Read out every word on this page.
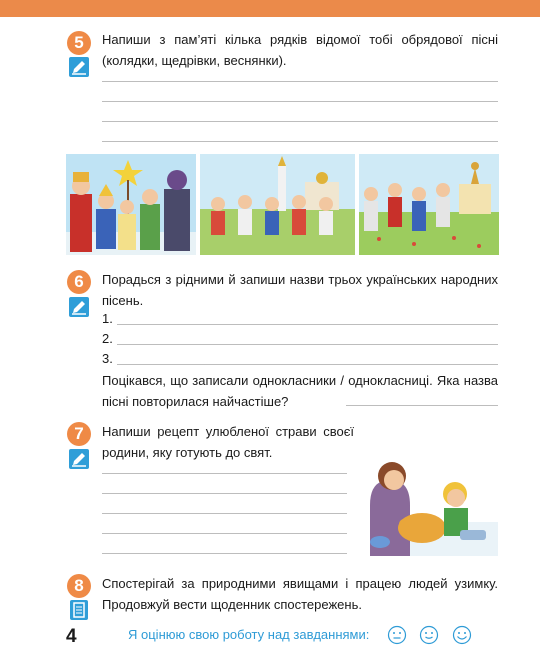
5	Напиши з пам’яті кілька рядків відомої тобі обрядової пісні (колядки, щедрівки, веснянки).
6	Порадься з рідними й запиши назви трьох українських народних пісень.
1.
2.
3.
Поцікався, що записали однокласники / однокласниці. Яка назва пісні повторилася найчастіше?
7	Напиши рецепт улюбленої страви своєї родини, яку готують до свят.
8	Спостерігай за природними явищами і працею людей узимку. Продовжуй вести щоденник спостережень.
4	Я оцінюю свою роботу над завданнями:
